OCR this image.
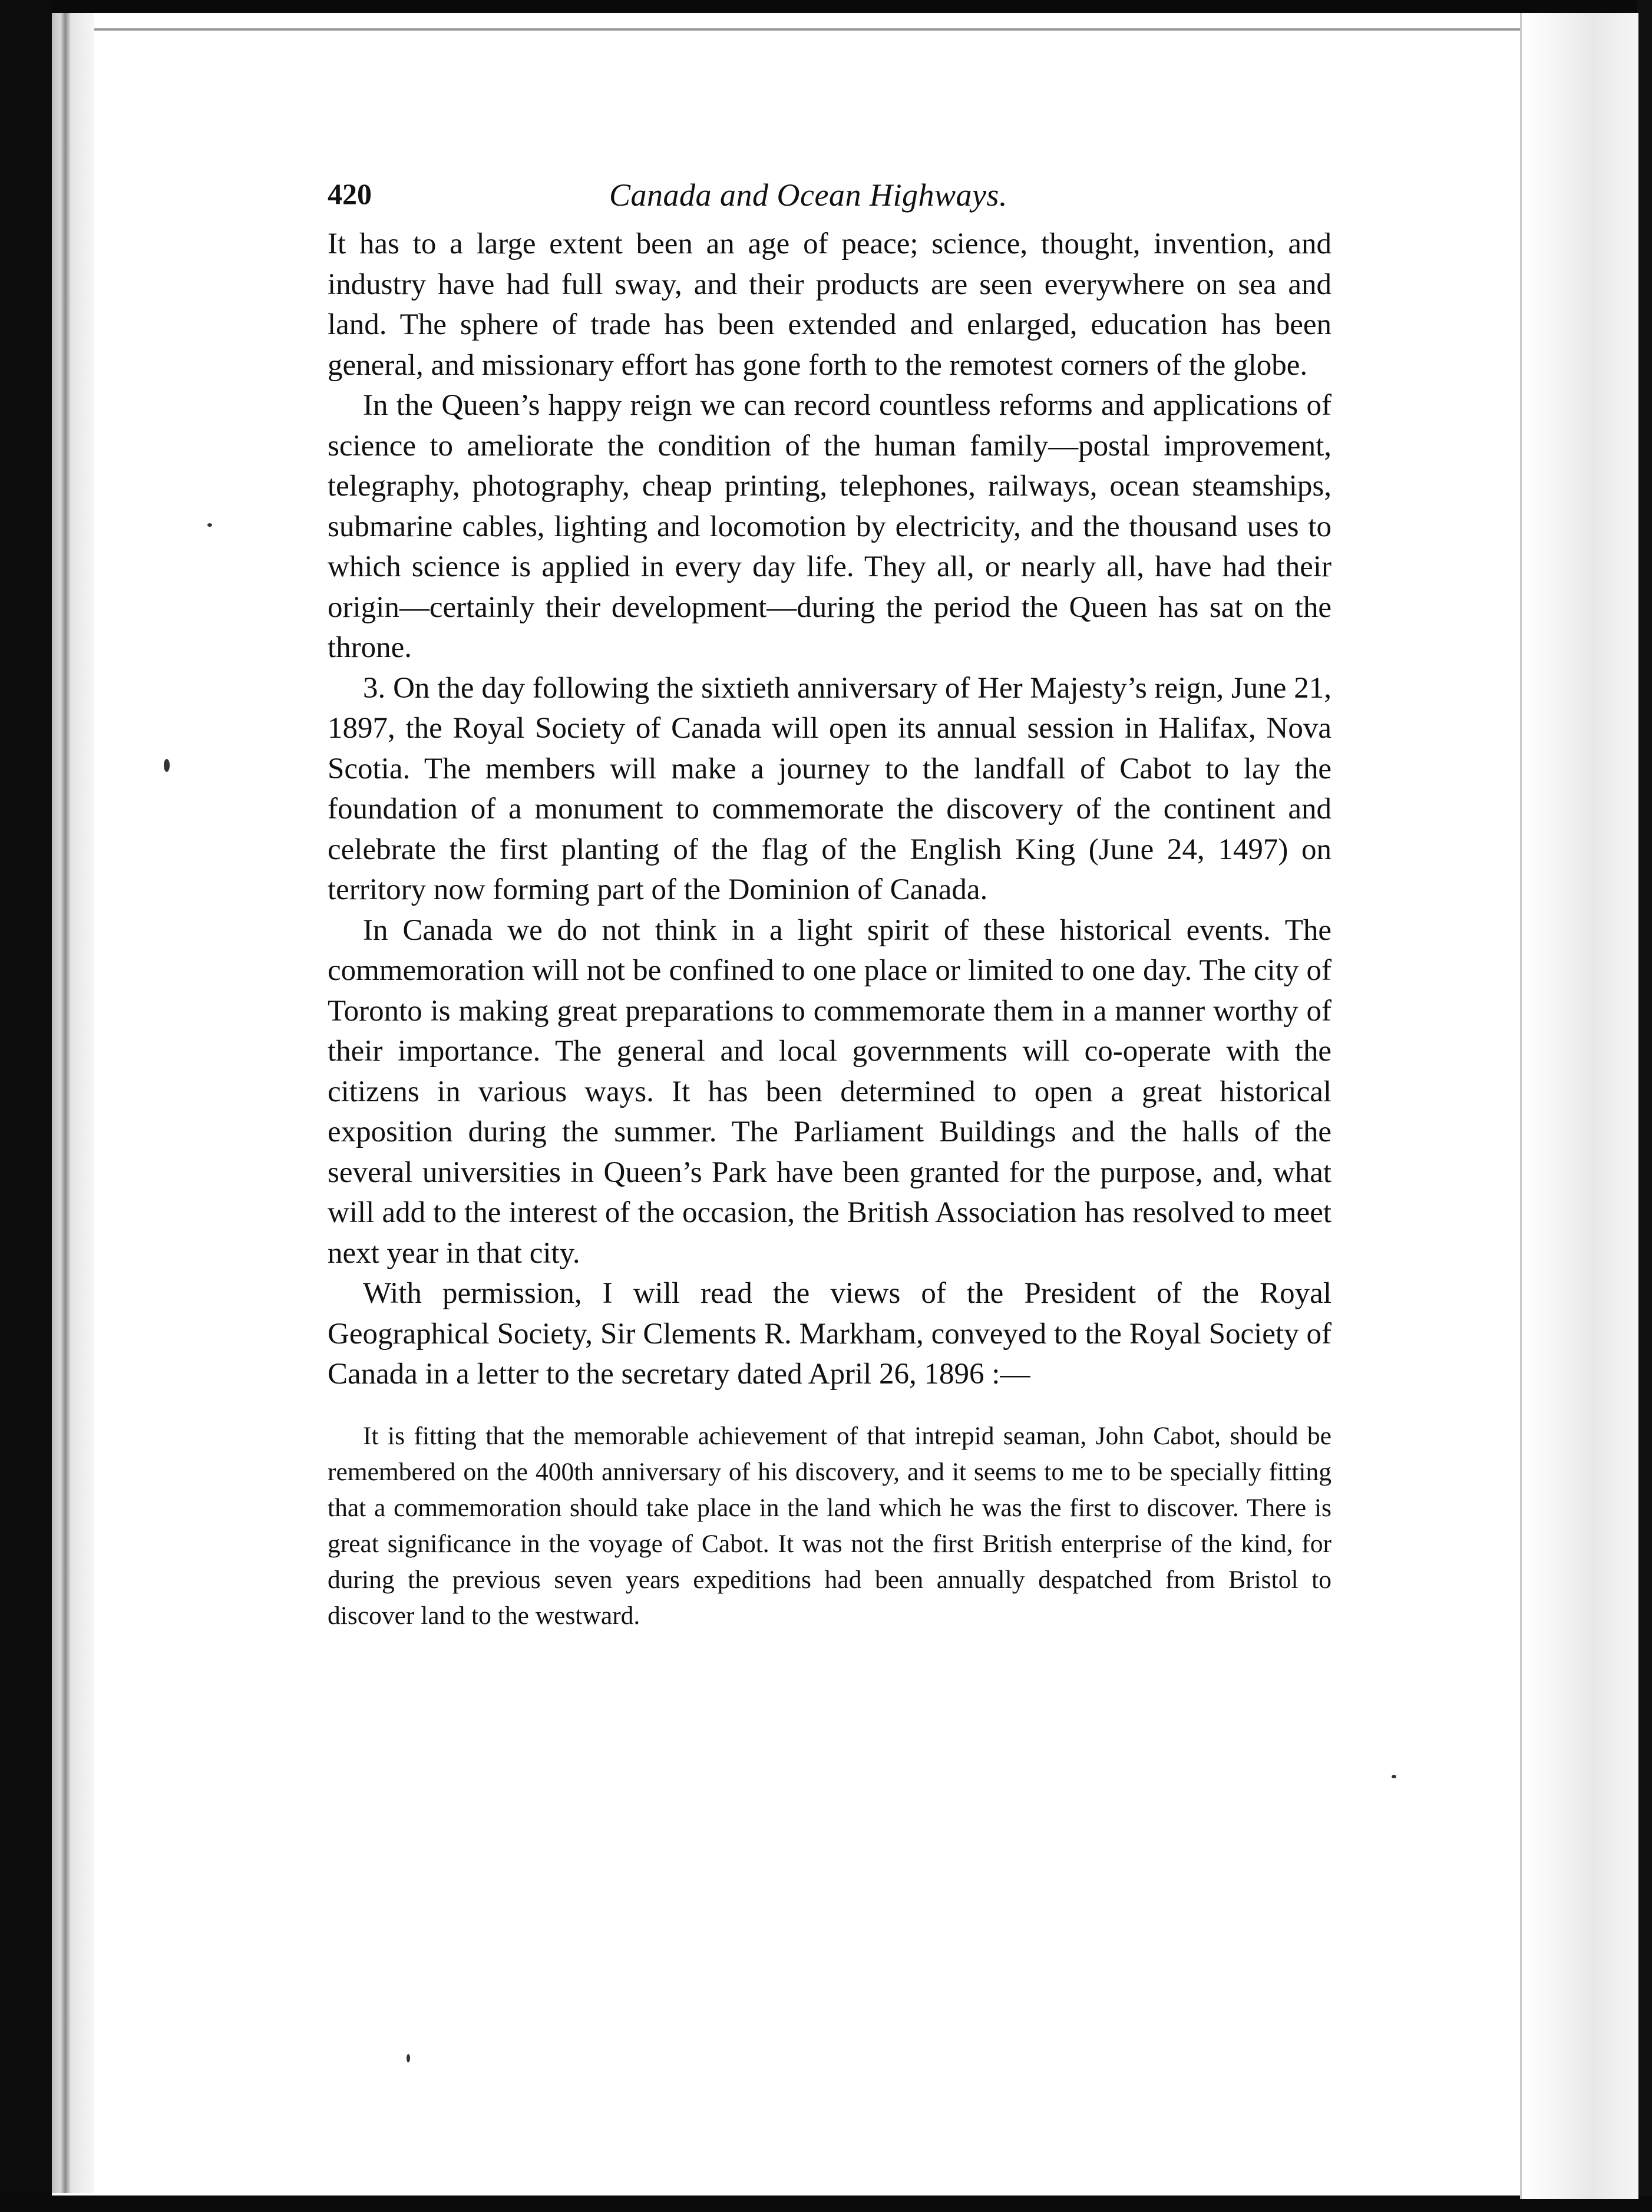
420	Canada and Ocean Highways.

It has to a large extent been an age of peace; science, thought, invention, and industry have had full sway, and their products are seen everywhere on sea and land. The sphere of trade has been extended and enlarged, education has been general, and missionary effort has gone forth to the remotest corners of the globe.

In the Queen’s happy reign we can record countless reforms and applications of science to ameliorate the condition of the human family—postal improvement, telegraphy, photography, cheap printing, telephones, railways, ocean steamships, submarine cables, lighting and locomotion by electricity, and the thousand uses to which science is applied in every day life. They all, or nearly all, have had their origin—certainly their development—during the period the Queen has sat on the throne.

3. On the day following the sixtieth anniversary of Her Majesty’s reign, June 21, 1897, the Royal Society of Canada will open its annual session in Halifax, Nova Scotia. The members will make a journey to the landfall of Cabot to lay the foundation of a monument to commemorate the discovery of the continent and celebrate the first planting of the flag of the English King (June 24, 1497) on territory now forming part of the Dominion of Canada.

In Canada we do not think in a light spirit of these historical events. The commemoration will not be confined to one place or limited to one day. The city of Toronto is making great preparations to commemorate them in a manner worthy of their importance. The general and local governments will co-operate with the citizens in various ways. It has been determined to open a great historical exposition during the summer. The Parliament Buildings and the halls of the several universities in Queen’s Park have been granted for the purpose, and, what will add to the interest of the occasion, the British Association has resolved to meet next year in that city.

With permission, I will read the views of the President of the Royal Geographical Society, Sir Clements R. Markham, conveyed to the Royal Society of Canada in a letter to the secretary dated April 26, 1896 :—

It is fitting that the memorable achievement of that intrepid seaman, John Cabot, should be remembered on the 400th anniversary of his discovery, and it seems to me to be specially fitting that a commemoration should take place in the land which he was the first to discover. There is great significance in the voyage of Cabot. It was not the first British enterprise of the kind, for during the previous seven years expeditions had been annually despatched from Bristol to discover land to the westward.
